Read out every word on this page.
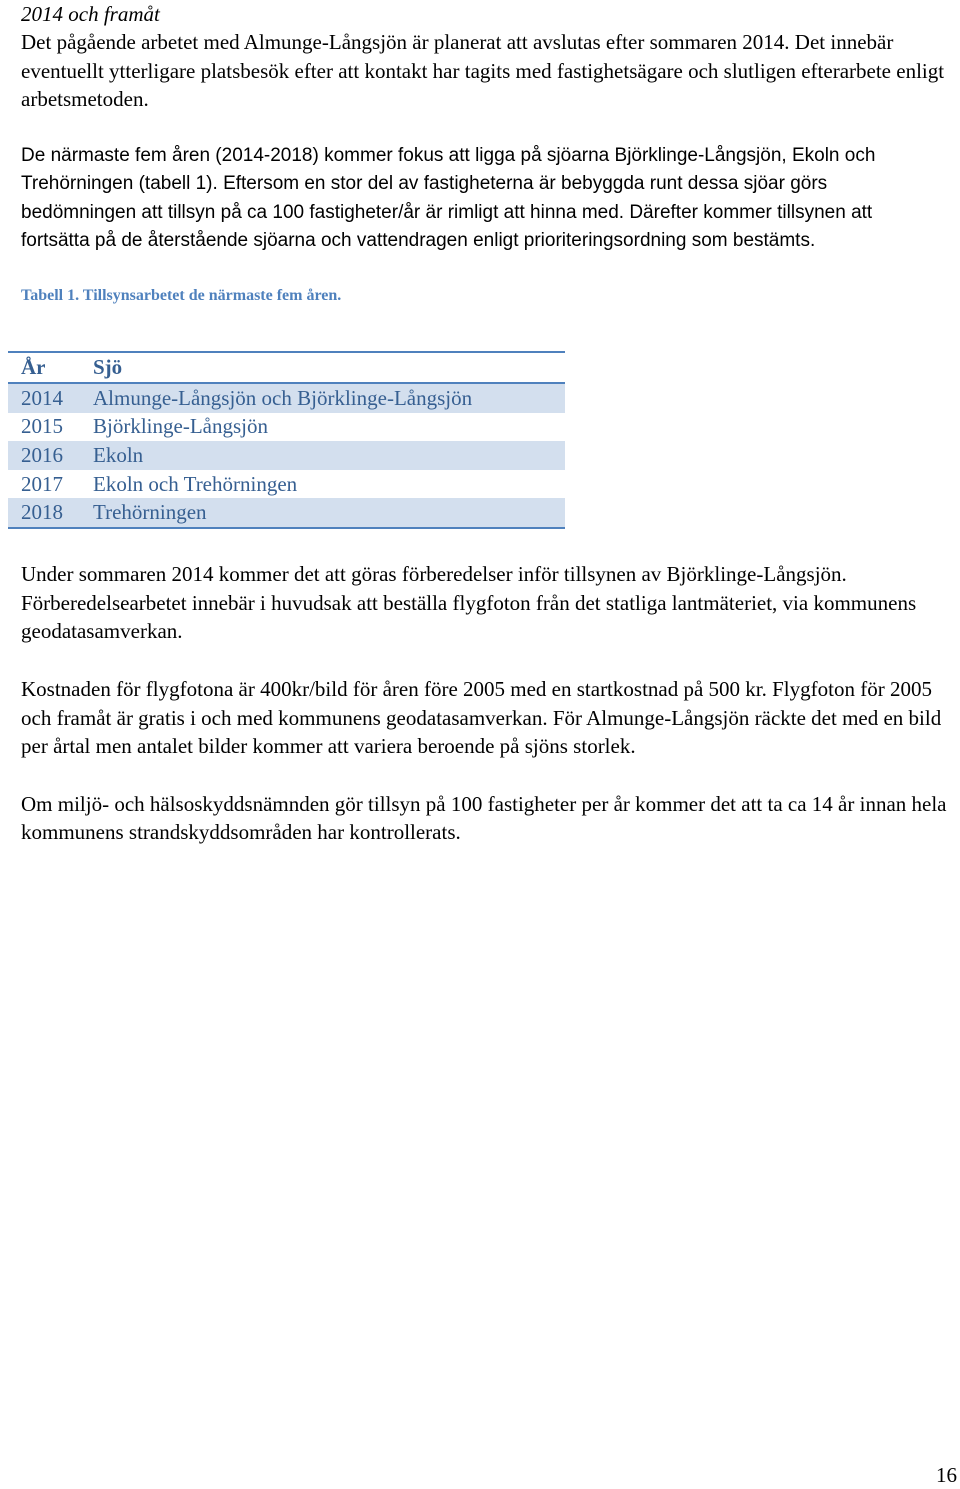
2014 och framåt

Det pågående arbetet med Almunge-Långsjön är planerat att avslutas efter sommaren 2014. Det innebär eventuellt ytterligare platsbesök efter att kontakt har tagits med fastighetsägare och slutligen efterarbete enligt arbetsmetoden.

De närmaste fem åren (2014-2018) kommer fokus att ligga på sjöarna Björklinge-Långsjön, Ekoln och Trehörningen (tabell 1). Eftersom en stor del av fastigheterna är bebyggda runt dessa sjöar görs bedömningen att tillsyn på ca 100 fastigheter/år är rimligt att hinna med. Därefter kommer tillsynen att fortsätta på de återstående sjöarna och vattendragen enligt prioriteringsordning som bestämts.

Tabell 1. Tillsynsarbetet de närmaste fem åren.

År	Sjö
2014	Almunge-Långsjön och Björklinge-Långsjön
2015	Björklinge-Långsjön
2016	Ekoln
2017	Ekoln och Trehörningen
2018	Trehörningen

Under sommaren 2014 kommer det att göras förberedelser inför tillsynen av Björklinge-Långsjön. Förberedelsearbetet innebär i huvudsak att beställa flygfoton från det statliga lantmäteriet, via kommunens geodatasamverkan.

Kostnaden för flygfotona är 400kr/bild för åren före 2005 med en startkostnad på 500 kr. Flygfoton för 2005 och framåt är gratis i och med kommunens geodatasamverkan. För Almunge-Långsjön räckte det med en bild per årtal men antalet bilder kommer att variera beroende på sjöns storlek.

Om miljö- och hälsoskyddsnämnden gör tillsyn på 100 fastigheter per år kommer det att ta ca 14 år innan hela kommunens strandskyddsområden har kontrollerats.

16
